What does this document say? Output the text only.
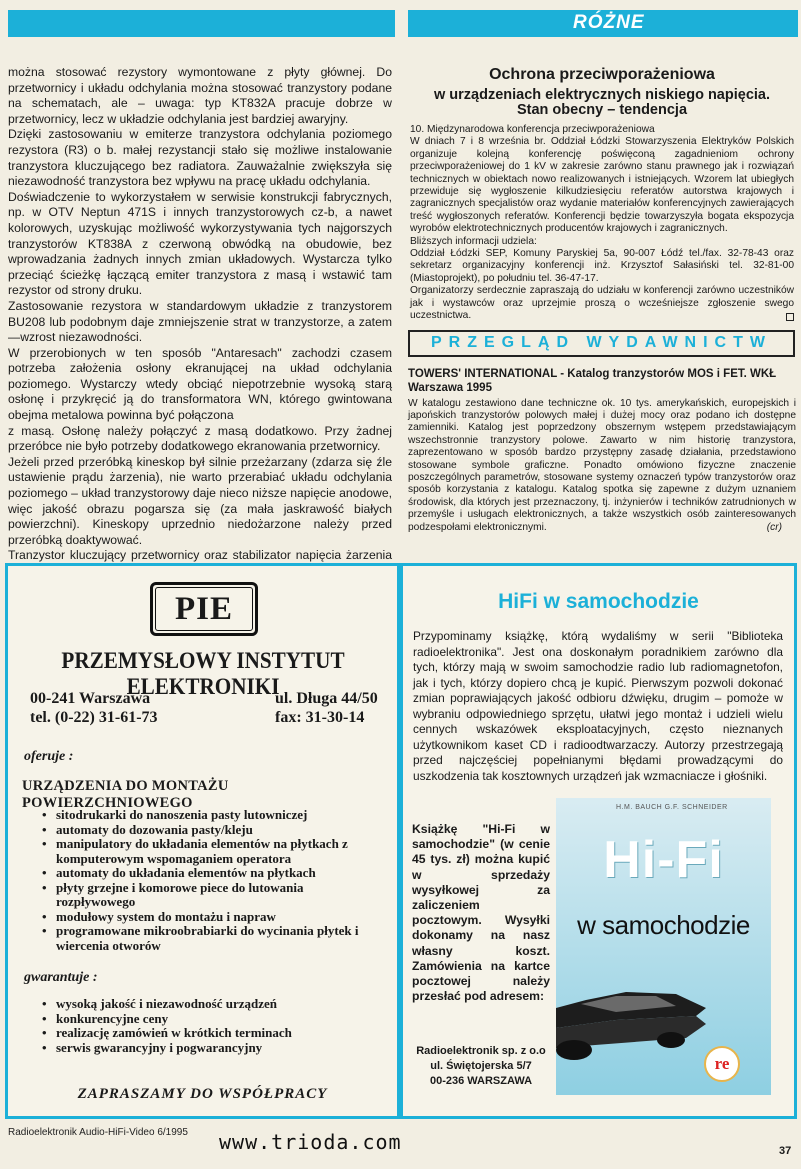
RÓŻNE

można stosować rezystory wymontowane z płyty głównej. Do przetwornicy i układu odchylania można stosować tranzystory podane na schematach, ale – uwaga: typ KT832A pracuje dobrze w przetwornicy, lecz w układzie odchylania jest bardziej awaryjny.

Dzięki zastosowaniu w emiterze tranzystora odchylania poziomego rezystora (R3) o b. małej rezystancji stało się możliwe instalowanie tranzystora kluczującego bez radiatora. Zauważalnie zwiększyła się niezawodność tranzystora bez wpływu na pracę układu odchylania.

Doświadczenie to wykorzystałem w serwisie konstrukcji fabrycznych, np. w OTV Neptun 471S i innych tranzystorowych cz-b, a nawet kolorowych, uzyskując możliwość wykorzystywania tych najgorszych tranzystorów KT838A z czerwoną obwódką na obudowie, bez wprowadzania żadnych innych zmian układowych. Wystarcza tylko przeciąć ścieżkę łączącą emiter tranzystora z masą i wstawić tam rezystor od strony druku.

Zastosowanie rezystora w standardowym układzie z tranzystorem BU208 lub podobnym daje zmniejszenie strat w tranzystorze, a zatem —wzrost niezawodności.

W przerobionych w ten sposób "Antaresach" zachodzi czasem potrzeba założenia osłony ekranującej na układ odchylania poziomego. Wystarczy wtedy obciąć niepotrzebnie wysoką starą osłonę i przykręcić ją do transformatora WN, którego gwintowana obejma metalowa powinna być połączona

z masą. Osłonę należy połączyć z masą dodatkowo. Przy żadnej przeróbce nie było potrzeby dodatkowego ekranowania przetwornicy.

Jeżeli przed przeróbką kineskop był silnie przeżarzany (zdarza się źle ustawienie prądu żarzenia), nie warto przerabiać układu odchylania poziomego – układ tranzystorowy daje nieco niższe napięcie anodowe, więc jakość obrazu pogarsza się (za mała jaskrawość białych powierzchni). Kineskopy uprzednio niedożarzone należy przed przeróbką doaktywować.

Tranzystor kluczujący przetwornicy oraz stabilizator napięcia żarzenia

Ochrona przeciwporażeniowa
w urządzeniach elektrycznych niskiego napięcia.
Stan obecny – tendencja

10. Międzynarodowa konferencja przeciwporażeniowa

W dniach 7 i 8 września br. Oddział Łódzki Stowarzyszenia Elektryków Polskich organizuje kolejną konferencję poświęconą zagadnieniom ochrony przeciwporażeniowej do 1 kV w zakresie zarówno stanu prawnego jak i rozwiązań technicznych w obiektach nowo realizowanych i istniejących. Wzorem lat ubiegłych przewiduje się wygłoszenie kilkudziesięciu referatów autorstwa krajowych i zagranicznych specjalistów oraz wydanie materiałów konferencyjnych zawierających treść wygłoszonych referatów. Konferencji będzie towarzyszyła bogata ekspozycja wyrobów elektrotechnicznych producentów krajowych i zagranicznych.

Bliższych informacji udziela:

Oddział Łódzki SEP, Komuny Paryskiej 5a, 90-007 Łódź tel./fax. 32-78-43 oraz sekretarz organizacyjny konferencji inż. Krzysztof Sałasiński tel. 32-81-00 (Miastoprojekt), po południu tel. 36-47-17.

Organizatorzy serdecznie zapraszają do udziału w konferencji zarówno uczestników jak i wystawców oraz uprzejmie proszą o wcześniejsze zgłoszenie swego uczestnictwa.

PRZEGLĄD WYDAWNICTW
TOWERS' INTERNATIONAL - Katalog tranzystorów MOS i FET. WKŁ Warszawa 1995
W katalogu zestawiono dane techniczne ok. 10 tys. amerykańskich, europejskich i japońskich tranzystorów polowych małej i dużej mocy oraz podano ich dostępne zamienniki. Katalog jest poprzedzony obszernym wstępem przedstawiającym wszechstronnie tranzystory polowe. Zawarto w nim historię tranzystora, zaprezentowano w sposób bardzo przystępny zasadę działania, przedstawiono stosowane symbole graficzne. Ponadto omówiono fizyczne znaczenie poszczególnych parametrów, stosowane systemy oznaczeń typów tranzystorów oraz sposób korzystania z katalogu. Katalog spotka się zapewne z dużym uznaniem środowisk, dla których jest przeznaczony, tj. inżynierów i techników zatrudnionych w przemyśle i usługach elektronicznych, a także wszystkich osób zainteresowanych podzespołami elektronicznymi.	(cr)
PIE
PRZEMYSŁOWY INSTYTUT ELEKTRONIKI
00-241 Warszawa	ul. Długa 44/50
tel. (0-22) 31-61-73	fax: 31-30-14
oferuje :
URZĄDZENIA DO MONTAŻU POWIERZCHNIOWEGO
• sitodrukarki do nanoszenia pasty lutowniczej
• automaty do dozowania pasty/kleju
• manipulatory do układania elementów na płytkach z komputerowym wspomaganiem operatora
• automaty do układania elementów na płytkach
• płyty grzejne i komorowe piece do lutowania rozpływowego
• modułowy system do montażu i napraw
• programowane mikroobrabiarki do wycinania płytek i wiercenia otworów
gwarantuje :
• wysoką jakość i niezawodność urządzeń
• konkurencyjne ceny
• realizację zamówień w krótkich terminach
• serwis gwarancyjny i pogwarancyjny
ZAPRASZAMY DO WSPÓŁPRACY
HiFi w samochodzie
Przypominamy książkę, którą wydaliśmy w serii "Biblioteka radioelektronika". Jest ona doskonałym poradnikiem zarówno dla tych, którzy mają w swoim samochodzie radio lub radiomagnetofon, jak i tych, którzy dopiero chcą je kupić. Pierwszym pozwoli dokonać zmian poprawiających jakość odbioru dźwięku, drugim – pomoże w wybraniu odpowiedniego sprzętu, ułatwi jego montaż i udzieli wielu cennych wskazówek eksploatacyjnych, często nieznanych użytkownikom kaset CD i radioodtwarzaczy. Autorzy przestrzegają przed najczęściej popełnianymi błędami prowadzącymi do uszkodzenia tak kosztownych urządzeń jak wzmacniacze i głośniki.
Książkę "Hi-Fi w samochodzie" (w cenie 45 tys. zł) można kupić w sprzedaży wysyłkowej za zaliczeniem pocztowym. Wysyłki dokonamy na nasz własny koszt. Zamówienia na kartce pocztowej należy przesłać pod adresem:
Radioelektronik sp. z o.o
ul. Świętojerska 5/7
00-236 WARSZAWA
H.M. BAUCH G.F. SCHNEIDER
Hi-Fi
w samochodzie
re
Radioelektronik Audio-HiFi-Video 6/1995 www.trioda.com	37
